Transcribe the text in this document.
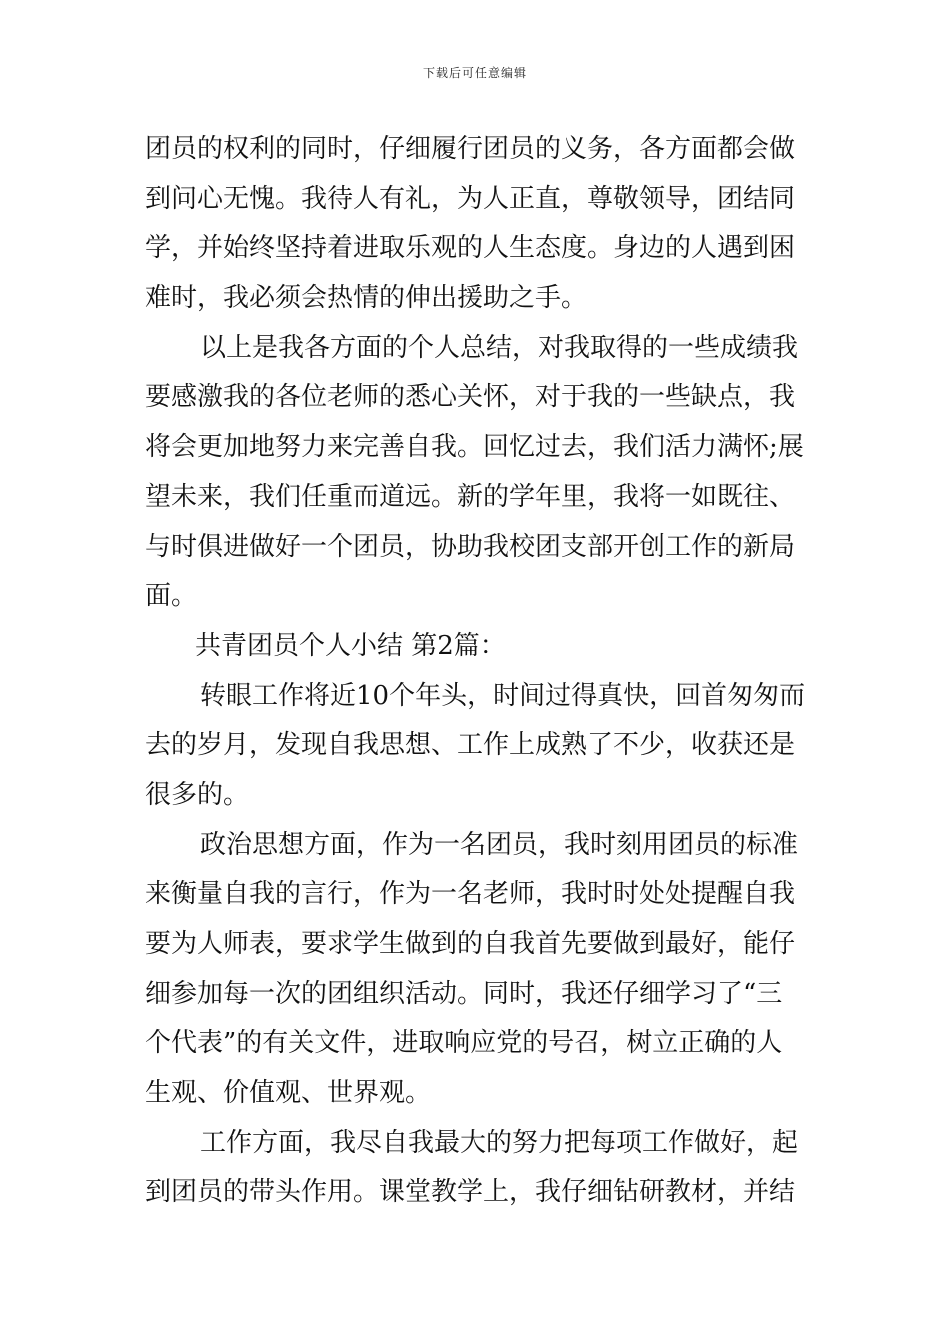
下载后可任意编辑
团员的权利的同时，仔细履行团员的义务，各方面都会做
到问心无愧。我待人有礼，为人正直，尊敬领导，团结同
学，并始终坚持着进取乐观的人生态度。身边的人遇到困
难时，我必须会热情的伸出援助之手。
以上是我各方面的个人总结，对我取得的一些成绩我
要感激我的各位老师的悉心关怀，对于我的一些缺点，我
将会更加地努力来完善自我。回忆过去，我们活力满怀;展
望未来，我们任重而道远。新的学年里，我将一如既往、
与时俱进做好一个团员，协助我校团支部开创工作的新局
面。
共青团员个人小结 第2篇：
转眼工作将近10个年头，时间过得真快，回首匆匆而
去的岁月，发现自我思想、工作上成熟了不少，收获还是
很多的。
政治思想方面，作为一名团员，我时刻用团员的标准
来衡量自我的言行，作为一名老师，我时时处处提醒自我
要为人师表，要求学生做到的自我首先要做到最好，能仔
细参加每一次的团组织活动。同时，我还仔细学习了“三
个代表”的有关文件，进取响应党的号召，树立正确的人
生观、价值观、世界观。
工作方面，我尽自我最大的努力把每项工作做好，起
到团员的带头作用。课堂教学上，我仔细钻研教材，并结
